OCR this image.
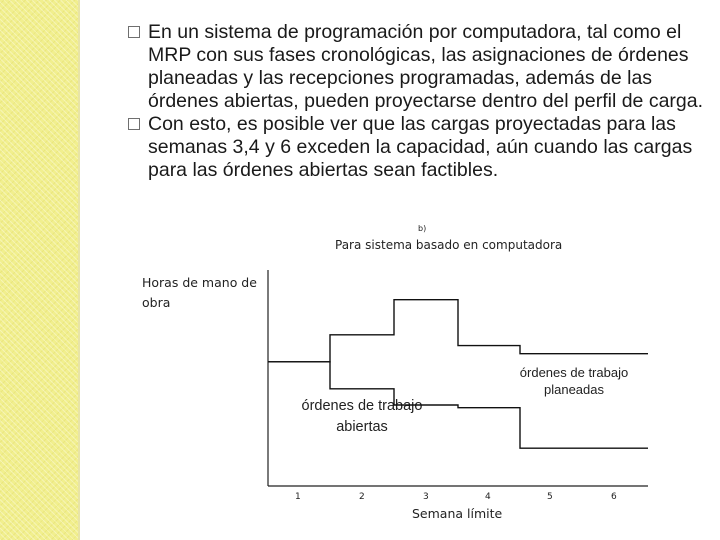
En un sistema de programación por computadora, tal como el MRP con sus fases cronológicas, las asignaciones de órdenes planeadas y las recepciones programadas, además de las órdenes abiertas, pueden proyectarse dentro del perfil de carga.

Con esto, es posible ver que las cargas proyectadas para las semanas 3,4 y 6 exceden la capacidad, aún cuando las cargas para las órdenes abiertas sean factibles.

b)
Para sistema basado en computadora
Horas de mano de obra
Semana límite
1	2	3	4	5	6
órdenes de trabajo planeadas
órdenes de trabajo abiertas
